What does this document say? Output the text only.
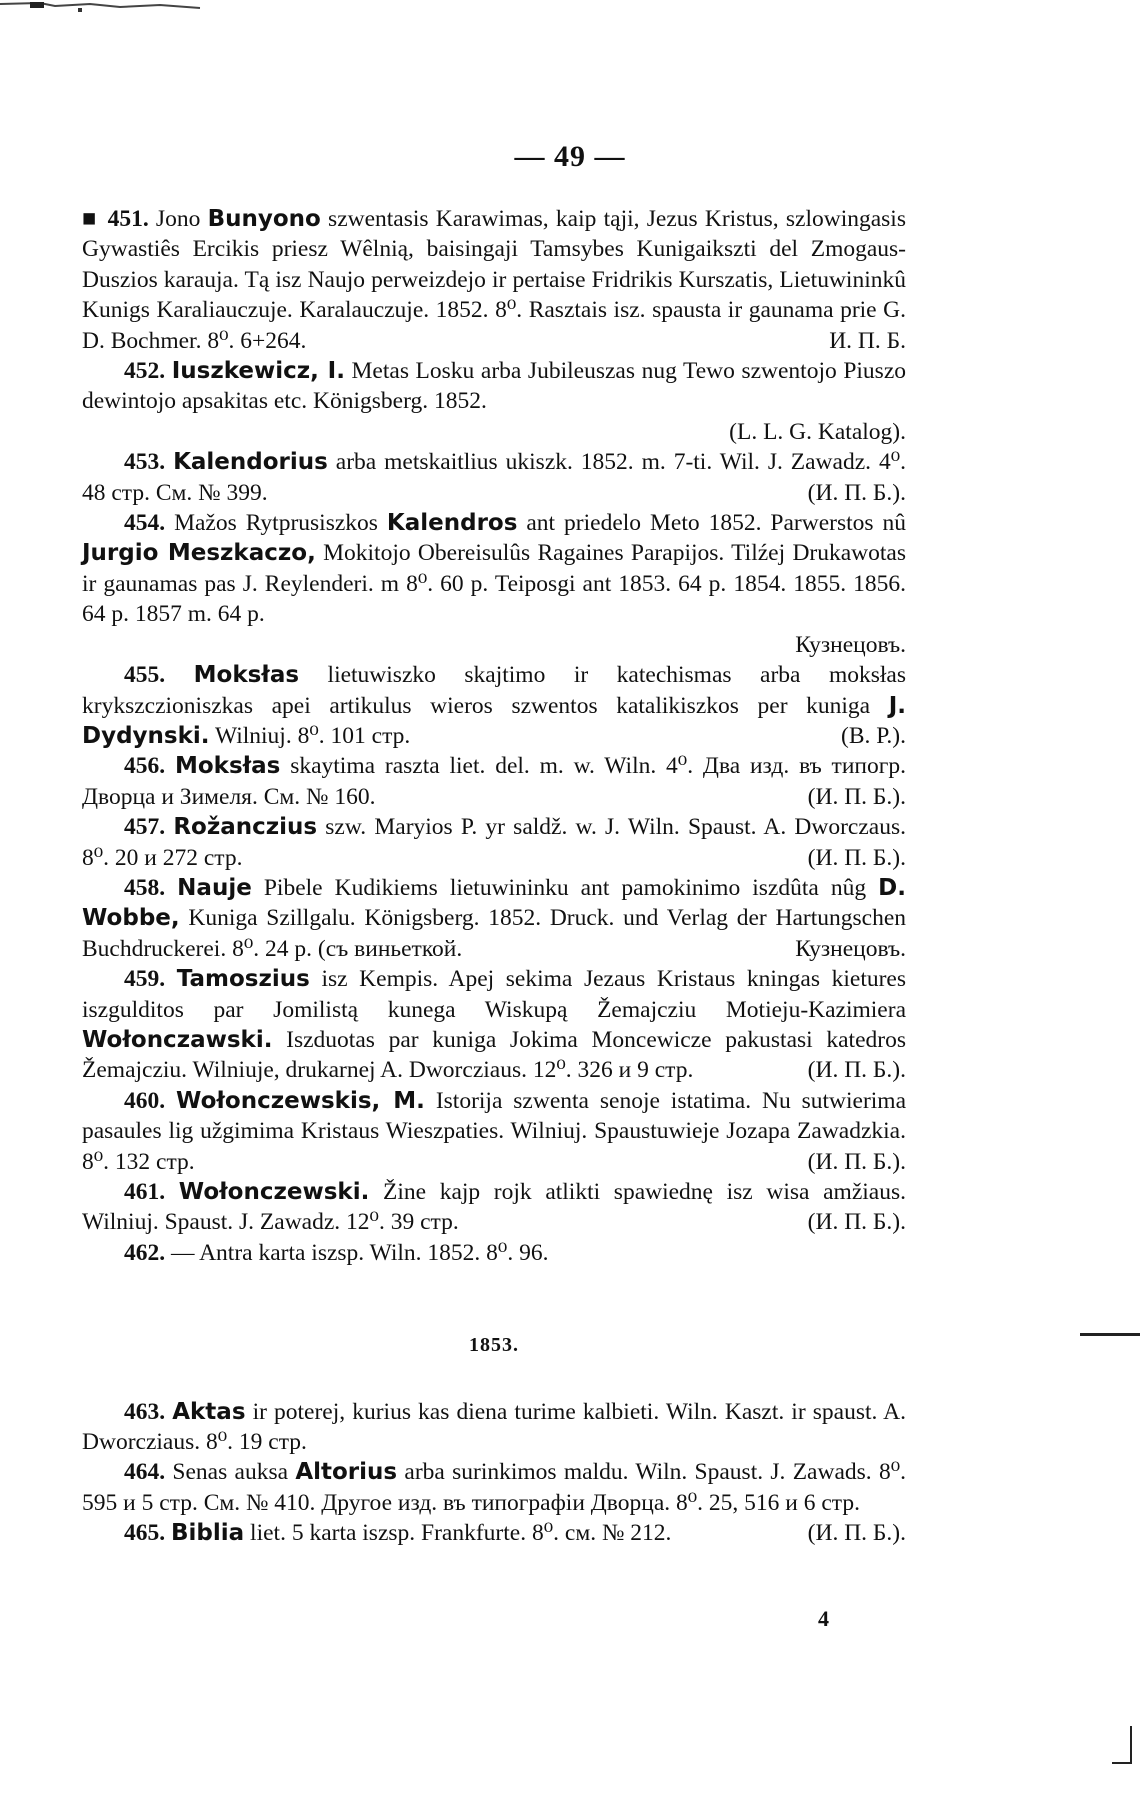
— 49 —

■ 451. Jono Bunyono szwentasis Karawimas, kaip tąji, Jezus Kristus, szlowingasis Gywastiês Ercikis priesz Wêlnią, baisingaji Tamsybes Kunigaikszti del Zmogaus-Duszios karauja. Tą isz Naujo perweizdejo ir pertaise Fridrikis Kurszatis, Lietuwininkû Kunigs Karaliauczuje. Karalauczuje. 1852. 8⁰. Rasztais isz. spausta ir gaunama prie G. D. Bochmer. 8⁰. 6+264.	И. П. Б.

452. Iuszkewicz, I. Metas Losku arba Jubileuszas nug Tewo szwentojo Piuszo dewintojo apsakitas etc. Königsberg. 1852.

(L. L. G. Katalog).

453. Kalendorius arba metskaitlius ukiszk. 1852. m. 7-ti. Wil. J. Zawadz. 4⁰. 48 стр. См. № 399.	(И. П. Б.).

454. Mažos Rytprusiszkos Kalendros ant priedelo Meto 1852. Parwerstos nû Jurgio Meszkaczo, Mokitojo Obereisulûs Ragaines Parapijos. Tilźej Drukawotas ir gaunamas pas J. Reylenderi. m 8⁰. 60 p. Teiposgi ant 1853. 64 p. 1854. 1855. 1856. 64 p. 1857 m. 64 p.

Кузнецовъ.

455. Moksłas lietuwiszko skajtimo ir katechismas arba moksłas krykszczioniszkas apei artikulus wieros szwentos katalikiszkos per kuniga J. Dydynski. Wilniuj. 8⁰. 101 стр.	(В. Р.).

456. Moksłas skaytima raszta liet. del. m. w. Wiln. 4⁰. Два изд. въ типогр. Дворца и Зимеля. См. № 160.	(И. П. Б.).

457. Rožanczius szw. Maryios P. yr saldž. w. J. Wiln. Spaust. A. Dworczaus. 8⁰. 20 и 272 стр.	(И. П. Б.).

458. Nauje Pibele Kudikiems lietuwininku ant pamokinimo iszdûta nûg D. Wobbe, Kuniga Szillgalu. Königsberg. 1852. Druck. und Verlag der Hartungschen Buchdruckerei. 8⁰. 24 p. (съ виньеткой.	Кузнецовъ.

459. Tamoszius isz Kempis. Apej sekima Jezaus Kristaus kningas kietures iszgulditos par Jomilistą kunega Wiskupą Žemajcziu Motieju-Kazimiera Wołonczawski. Iszduotas par kuniga Jokima Moncewicze pakustasi katedros Žemajcziu. Wilniuje, drukarnej A. Dworcziaus. 12⁰. 326 и 9 стр.	(И. П. Б.).

460. Wołonczewskis, M. Istorija szwenta senoje istatima. Nu sutwierima pasaules lig užgimima Kristaus Wieszpaties. Wilniuj. Spaustuwieje Jozapa Zawadzkia. 8⁰. 132 стр.	(И. П. Б.).

461. Wołonczewski. Žine kajp rojk atlikti spawiednę isz wisa amžiaus. Wilniuj. Spaust. J. Zawadz. 12⁰. 39 стр.	(И. П. Б.).

462. — Antra karta iszsp. Wiln. 1852. 8⁰. 96.

1853.

463. Aktas ir poterej, kurius kas diena turime kalbieti. Wiln. Kaszt. ir spaust. A. Dworcziaus. 8⁰. 19 стр.

464. Senas auksa Altorius arba surinkimos maldu. Wiln. Spaust. J. Zawads. 8⁰. 595 и 5 стр. См. № 410. Другое изд. въ типографіи Дворца. 8⁰. 25, 516 и 6 стр.
(И. П. Б.).

465. Biblia liet. 5 karta iszsp. Frankfurte. 8⁰. см. № 212.

4
